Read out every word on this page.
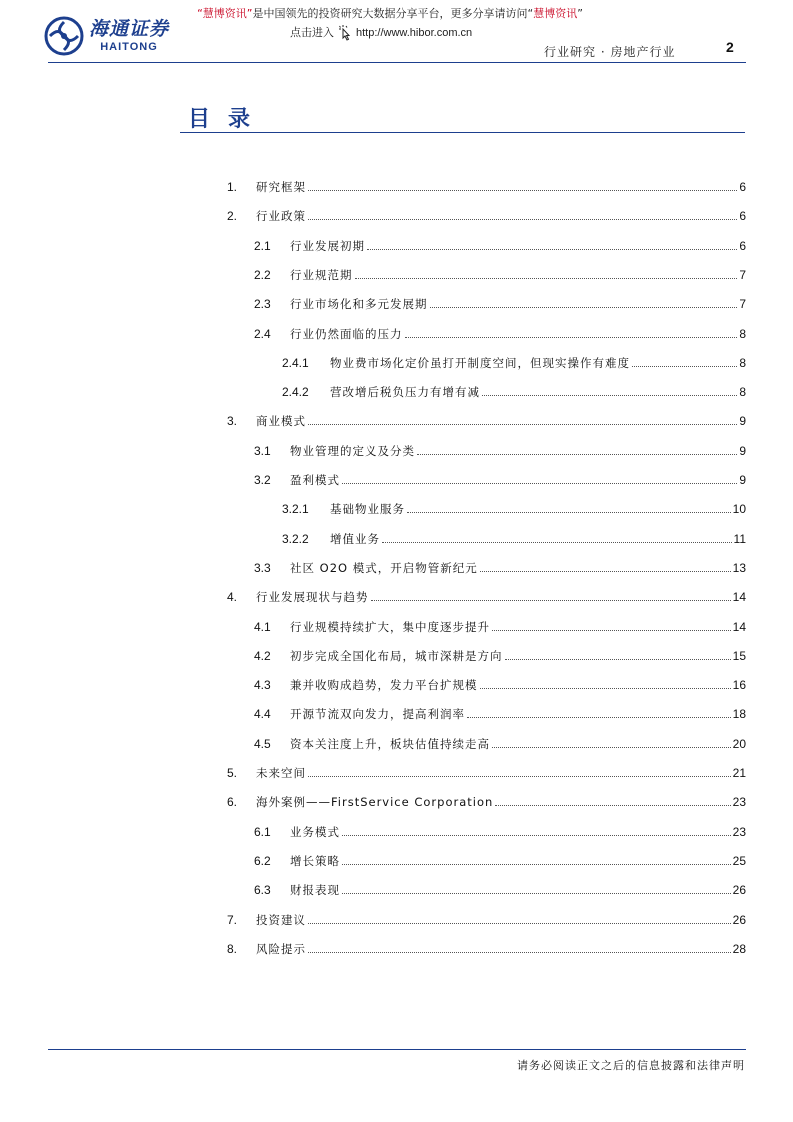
海通证券
HAITONG
“慧博资讯”是中国领先的投资研究大数据分享平台，更多分享请访问“慧博资讯”
点击进入 http://www.hibor.com.cn
行业研究 · 房地产行业	2
目录
1.	研究框架	6
2.	行业政策	6
2.1	行业发展初期	6
2.2	行业规范期	7
2.3	行业市场化和多元发展期	7
2.4	行业仍然面临的压力	8
2.4.1	物业费市场化定价虽打开制度空间，但现实操作有难度	8
2.4.2	营改增后税负压力有增有减	8
3.	商业模式	9
3.1	物业管理的定义及分类	9
3.2	盈利模式	9
3.2.1	基础物业服务	10
3.2.2	增值业务	11
3.3	社区 O2O 模式，开启物管新纪元	13
4.	行业发展现状与趋势	14
4.1	行业规模持续扩大，集中度逐步提升	14
4.2	初步完成全国化布局，城市深耕是方向	15
4.3	兼并收购成趋势，发力平台扩规模	16
4.4	开源节流双向发力，提高利润率	18
4.5	资本关注度上升，板块估值持续走高	20
5.	未来空间	21
6.	海外案例——FirstService Corporation	23
6.1	业务模式	23
6.2	增长策略	25
6.3	财报表现	26
7.	投资建议	26
8.	风险提示	28
请务必阅读正文之后的信息披露和法律声明
